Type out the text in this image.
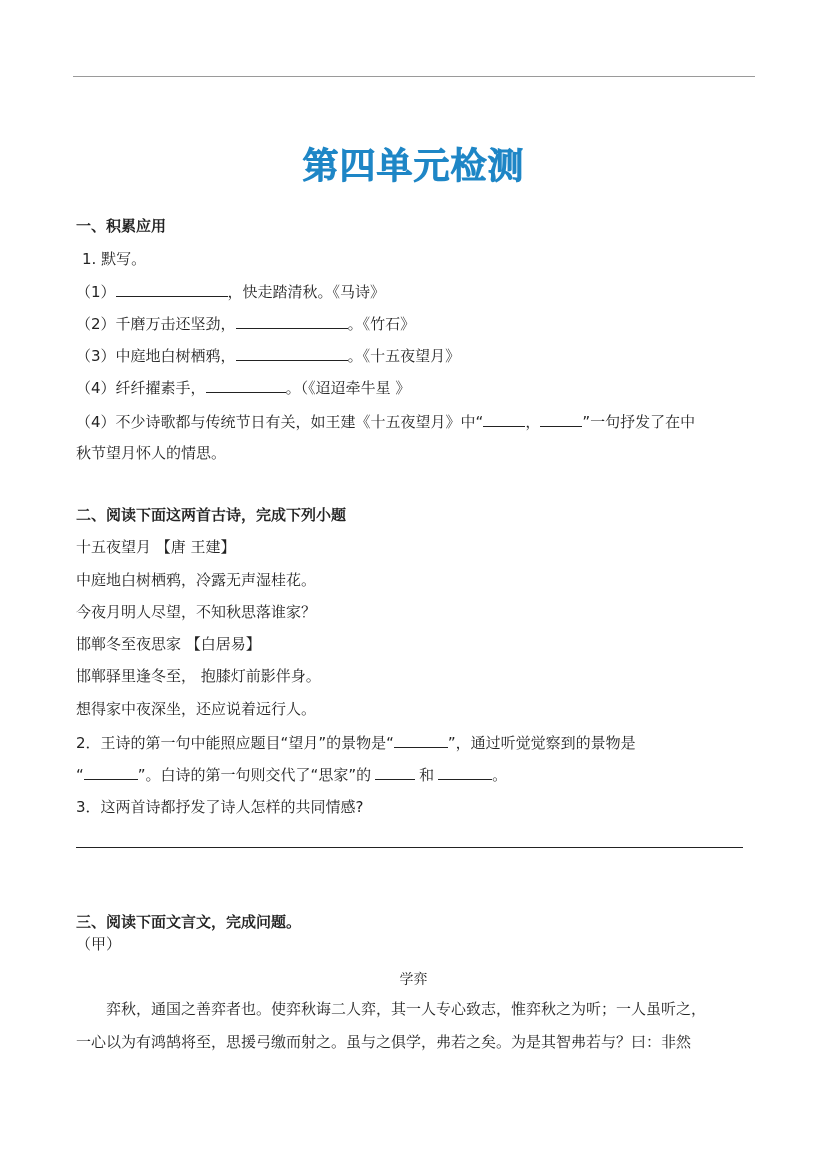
第四单元检测
一、积累应用
1. 默写。
（1）	，快走踏清秋。《马诗》
（2）千磨万击还坚劲，	。《竹石》
（3）中庭地白树栖鸦，	。《十五夜望月》
（4）纤纤擢素手，	。（《迢迢牵牛星 》
（4）不少诗歌都与传统节日有关，如王建《十五夜望月》中“	，	”一句抒发了在中
秋节望月怀人的情思。
二、阅读下面这两首古诗，完成下列小题
十五夜望月 【唐 王建】
中庭地白树栖鸦，冷露无声湿桂花。
今夜月明人尽望，不知秋思落谁家？
邯郸冬至夜思家 【白居易】
邯郸驿里逢冬至， 抱膝灯前影伴身。
想得家中夜深坐，还应说着远行人。
2．王诗的第一句中能照应题目“望月”的景物是“	”，通过听觉觉察到的景物是
“	”。白诗的第一句则交代了“思家”的	和	。
3．这两首诗都抒发了诗人怎样的共同情感?
三、阅读下面文言文，完成问题。
（甲）
学弈
弈秋，通国之善弈者也。使弈秋诲二人弈，其一人专心致志，惟弈秋之为听；一人虽听之，
一心以为有鸿鹄将至，思援弓缴而射之。虽与之俱学，弗若之矣。为是其智弗若与？曰：非然
